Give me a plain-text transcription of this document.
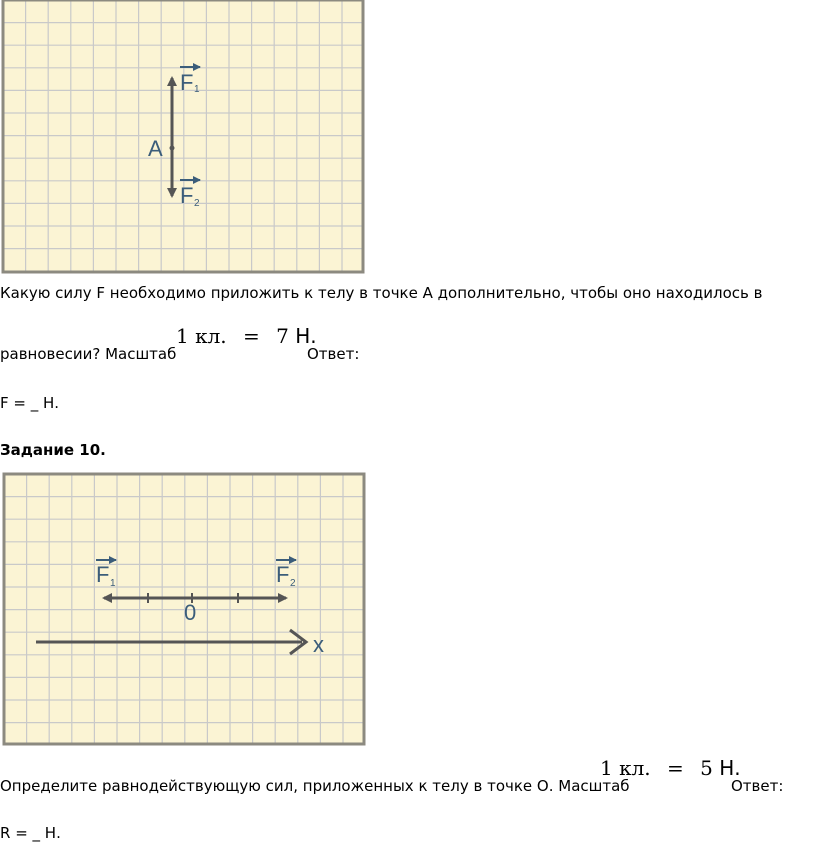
F 1
A
F 2
Какую силу F необходимо приложить к телу в точке А дополнительно, чтобы оно находилось в
1 кл. = 7 Н.
равновесии? Масштаб	Ответ:
F = _ Н.
Задание 10.
x
0
F 1	F 2
1 кл. = 5 Н.
Определите равнодействующую сил, приложенных к телу в точке О. Масштаб	Ответ:
R = _ Н.
